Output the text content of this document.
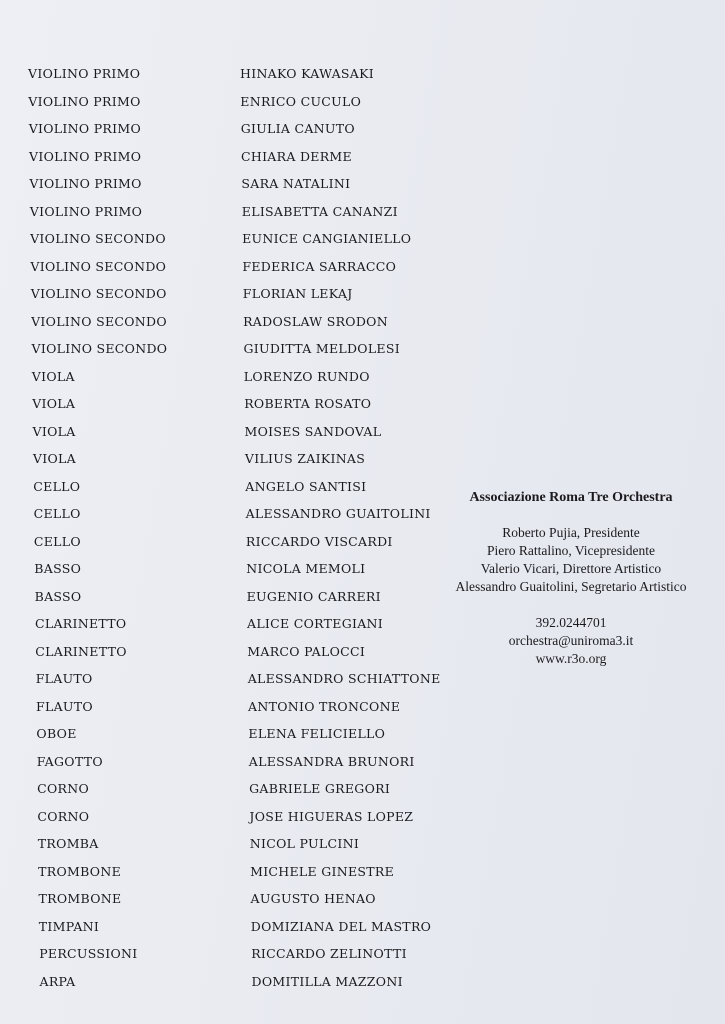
VIOLINO PRIMO	HINAKO KAWASAKI
VIOLINO PRIMO	ENRICO CUCULO
VIOLINO PRIMO	GIULIA CANUTO
VIOLINO PRIMO	CHIARA DERME
VIOLINO PRIMO	SARA NATALINI
VIOLINO PRIMO	ELISABETTA CANANZI
VIOLINO SECONDO	EUNICE CANGIANIELLO
VIOLINO SECONDO	FEDERICA SARRACCO
VIOLINO SECONDO	FLORIAN LEKAJ
VIOLINO SECONDO	RADOSLAW SRODON
VIOLINO SECONDO	GIUDITTA MELDOLESI
VIOLA	LORENZO RUNDO
VIOLA	ROBERTA ROSATO
VIOLA	MOISES SANDOVAL
VIOLA	VILIUS ZAIKINAS
CELLO	ANGELO SANTISI
CELLO	ALESSANDRO GUAITOLINI
CELLO	RICCARDO VISCARDI
BASSO	NICOLA MEMOLI
BASSO	EUGENIO CARRERI
CLARINETTO	ALICE CORTEGIANI
CLARINETTO	MARCO PALOCCI
FLAUTO	ALESSANDRO SCHIATTONE
FLAUTO	ANTONIO TRONCONE
OBOE	ELENA FELICIELLO
FAGOTTO	ALESSANDRA BRUNORI
CORNO	GABRIELE GREGORI
CORNO	JOSE HIGUERAS LOPEZ
TROMBA	NICOL PULCINI
TROMBONE	MICHELE GINESTRE
TROMBONE	AUGUSTO HENAO
TIMPANI	DOMIZIANA DEL MASTRO
PERCUSSIONI	RICCARDO ZELINOTTI
ARPA	DOMITILLA MAZZONI
Associazione Roma Tre Orchestra
Roberto Pujia, Presidente
Piero Rattalino, Vicepresidente
Valerio Vicari, Direttore Artistico
Alessandro Guaitolini, Segretario Artistico
392.0244701
orchestra@uniroma3.it
www.r3o.org
